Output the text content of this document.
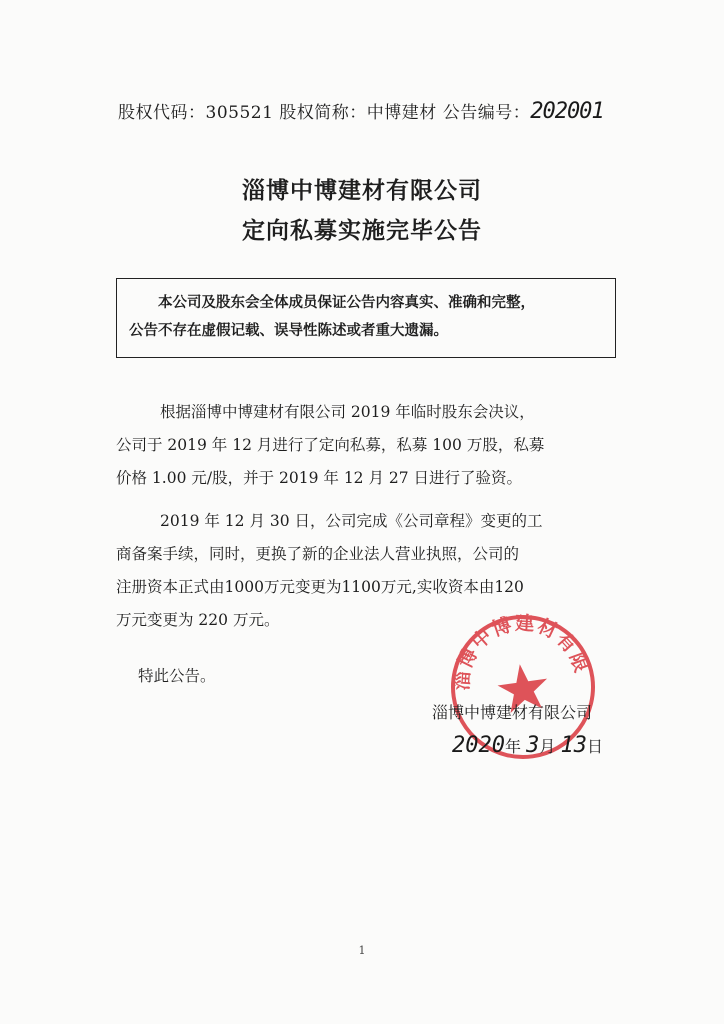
股权代码：305521 股权简称：中博建材 公告编号：202001
淄博中博建材有限公司
定向私募实施完毕公告
本公司及股东会全体成员保证公告内容真实、准确和完整，
公告不存在虚假记载、误导性陈述或者重大遗漏。
根据淄博中博建材有限公司 2019 年临时股东会决议，
公司于 2019 年 12 月进行了定向私募，私募 100 万股，私募
价格 1.00 元/股，并于 2019 年 12 月 27 日进行了验资。
2019 年 12 月 30 日，公司完成《公司章程》变更的工
商备案手续，同时，更换了新的企业法人营业执照，公司的
注册资本正式由1000万元变更为1100万元,实收资本由120
万元变更为 220 万元。
特此公告。	淄博中博建材有限
淄博中博建材有限公司
2020年 3月 13日
1
